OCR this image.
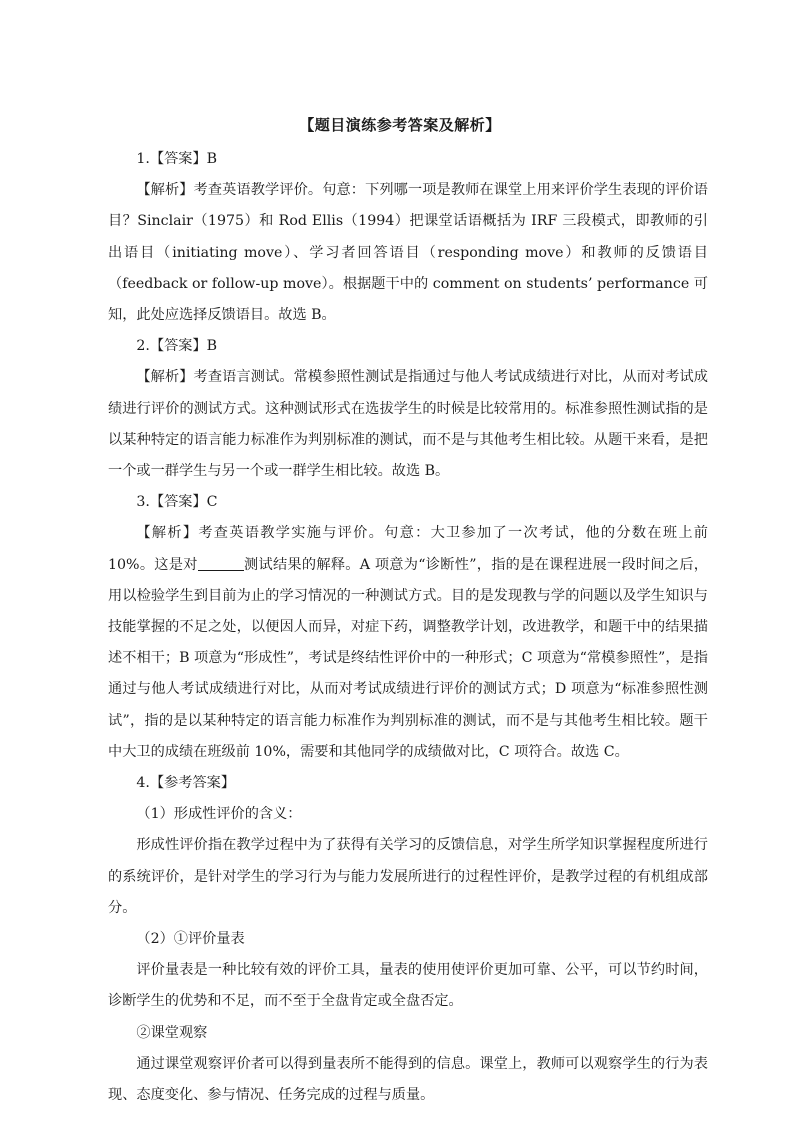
【题目演练参考答案及解析】

1.【答案】B

【解析】考查英语教学评价。句意：下列哪一项是教师在课堂上用来评价学生表现的评价语目？Sinclair（1975）和 Rod Ellis（1994）把课堂话语概括为 IRF 三段模式，即教师的引出语目（initiating move）、学习者回答语目（responding move）和教师的反馈语目（feedback or follow-up move）。根据题干中的 comment on students’ performance 可知，此处应选择反馈语目。故选 B。

2.【答案】B

【解析】考查语言测试。常模参照性测试是指通过与他人考试成绩进行对比，从而对考试成绩进行评价的测试方式。这种测试形式在选拔学生的时候是比较常用的。标准参照性测试指的是以某种特定的语言能力标准作为判别标准的测试，而不是与其他考生相比较。从题干来看，是把一个或一群学生与另一个或一群学生相比较。故选 B。

3.【答案】C

【解析】考查英语教学实施与评价。句意：大卫参加了一次考试，他的分数在班上前 10%。这是对	测试结果的解释。A 项意为“诊断性”，指的是在课程进展一段时间之后，用以检验学生到目前为止的学习情况的一种测试方式。目的是发现教与学的问题以及学生知识与技能掌握的不足之处，以便因人而异，对症下药，调整教学计划，改进教学，和题干中的结果描述不相干；B 项意为“形成性”，考试是终结性评价中的一种形式；C 项意为“常模参照性”，是指通过与他人考试成绩进行对比，从而对考试成绩进行评价的测试方式；D 项意为“标准参照性测试”，指的是以某种特定的语言能力标准作为判别标准的测试，而不是与其他考生相比较。题干中大卫的成绩在班级前 10%，需要和其他同学的成绩做对比，C 项符合。故选 C。

4.【参考答案】

（1）形成性评价的含义：

形成性评价指在教学过程中为了获得有关学习的反馈信息，对学生所学知识掌握程度所进行的系统评价，是针对学生的学习行为与能力发展所进行的过程性评价，是教学过程的有机组成部分。

（2）①评价量表

评价量表是一种比较有效的评价工具，量表的使用使评价更加可靠、公平，可以节约时间，诊断学生的优势和不足，而不至于全盘肯定或全盘否定。

②课堂观察

通过课堂观察评价者可以得到量表所不能得到的信息。课堂上，教师可以观察学生的行为表现、态度变化、参与情况、任务完成的过程与质量。
